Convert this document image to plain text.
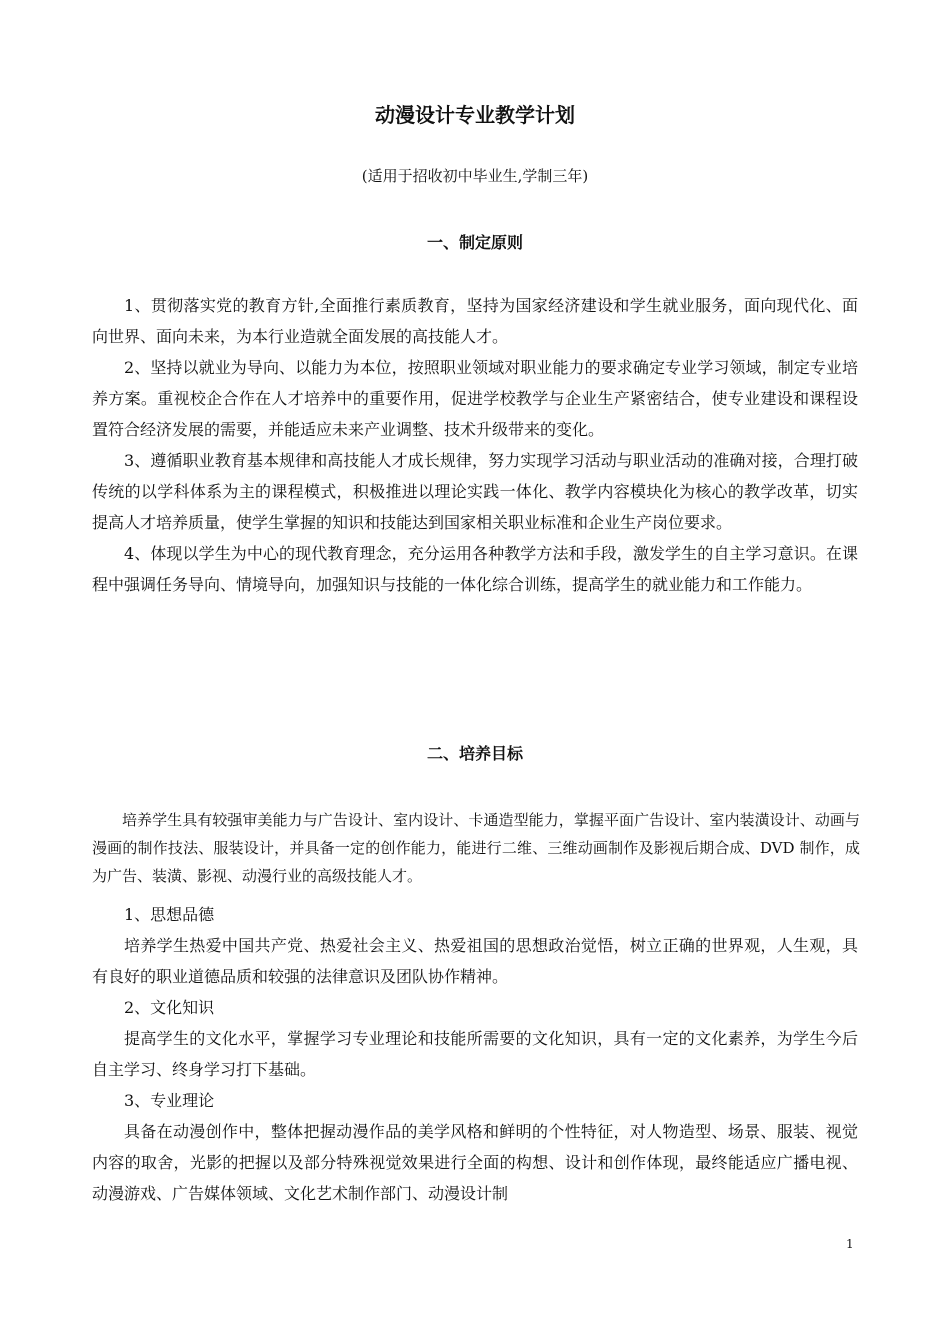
动漫设计专业教学计划
(适用于招收初中毕业生,学制三年)
一、制定原则

1、贯彻落实党的教育方针,全面推行素质教育，坚持为国家经济建设和学生就业服务，面向现代化、面向世界、面向未来，为本行业造就全面发展的高技能人才。

2、坚持以就业为导向、以能力为本位，按照职业领域对职业能力的要求确定专业学习领域，制定专业培养方案。重视校企合作在人才培养中的重要作用，促进学校教学与企业生产紧密结合，使专业建设和课程设置符合经济发展的需要，并能适应未来产业调整、技术升级带来的变化。

3、遵循职业教育基本规律和高技能人才成长规律，努力实现学习活动与职业活动的准确对接，合理打破传统的以学科体系为主的课程模式，积极推进以理论实践一体化、教学内容模块化为核心的教学改革，切实提高人才培养质量，使学生掌握的知识和技能达到国家相关职业标准和企业生产岗位要求。

4、体现以学生为中心的现代教育理念，充分运用各种教学方法和手段，激发学生的自主学习意识。在课程中强调任务导向、情境导向，加强知识与技能的一体化综合训练，提高学生的就业能力和工作能力。

二、培养目标

培养学生具有较强审美能力与广告设计、室内设计、卡通造型能力，掌握平面广告设计、室内装潢设计、动画与漫画的制作技法、服装设计，并具备一定的创作能力，能进行二维、三维动画制作及影视后期合成、DVD 制作，成为广告、装潢、影视、动漫行业的高级技能人才。

1、思想品德

培养学生热爱中国共产党、热爱社会主义、热爱祖国的思想政治觉悟，树立正确的世界观，人生观，具有良好的职业道德品质和较强的法律意识及团队协作精神。

2、文化知识

提高学生的文化水平，掌握学习专业理论和技能所需要的文化知识，具有一定的文化素养，为学生今后自主学习、终身学习打下基础。

3、专业理论

具备在动漫创作中，整体把握动漫作品的美学风格和鲜明的个性特征，对人物造型、场景、服装、视觉内容的取舍，光影的把握以及部分特殊视觉效果进行全面的构想、设计和创作体现，最终能适应广播电视、动漫游戏、广告媒体领域、文化艺术制作部门、动漫设计制

1
